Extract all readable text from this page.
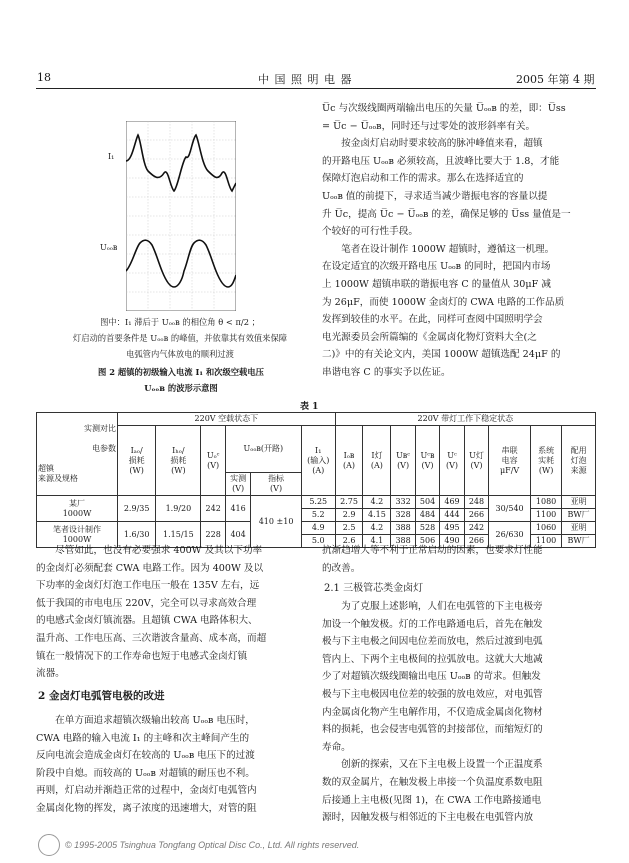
18	中 国 照 明 电 器	2005 年第 4 期
I₁
Uₒₒʙ
图中：I₁ 滞后于 Uₒₒʙ 的相位角 θ < π/2 ；
灯启动的首要条件是 Uₒₒʙ 的峰值，并依靠其有效值来保障
电弧管内气体放电的顺利过渡
图 2 超镇的初级输入电流 I₁ 和次级空载电压
Uₒₒʙ 的波形示意图
U̅c 与次级线圈两端输出电压的矢量 U̅ₒₒʙ 的差，即：U̅ss
= U̅c − U̅ₒₒʙ，同时还与过零处的波形斜率有关。
　　按金卤灯启动时要求较高的脉冲峰值来看，超镇
的开路电压 Uₒₒʙ 必须较高，且波峰比要大于 1.8，才能
保障灯泡启动和工作的需求。那么在选择适宜的
Uₒₒʙ 值的前提下，寻求适当减少谐振电容的容量以提
升 U̅c，提高 U̅c − U̅ₒₒʙ 的差，确保足够的 U̅ss 量值是一
个较好的可行性手段。
　　笔者在设计制作 1000W 超镇时，遵循这一机理。
在设定适宜的次级开路电压 Uₒₒʙ 的同时，把国内市场
上 1000W 超镇串联的谐振电容 C 的量值从 30μF 减
为 26μF，而使 1000W 金卤灯的 CWA 电路的工作品质
发挥到较佳的水平。在此，同样可查阅中国照明学会
电光源委员会所篇编的《金属卤化物灯资料大全(之
二)》中的有关论文内，美国 1000W 超镇选配 24μF 的
串谐电容 C 的事实予以佐证。
表 1

实测对比

电参数

超镇
来源及规格	220V 空载状态下						220V 带灯工作下稳定状态								
	Iₐₒ/
损耗
(W)	Iₕₒ/
损耗
(W)	Uₒᶜ
(V)	Uₒₒʙ(开路)		I₁
(输入)
(A)	Iₒʙ
(A)	I灯
(A)	Uʙᶜ
(V)	Uᶜʙ
(V)	Uᶜ
(V)	U灯
(V)	串联
电容
μF/V	系统
实耗
(W)	配用
灯泡
来源
				实测
(V)	指标
(V)										
某厂
1000W	2.9/35	1.9/20	242	416	410 ±10	5.25	2.75	4.2	332	504	469	248	30/540	1080	亚明
						5.2	2.9	4.15	328	484	444	266		1100	BW厂
笔者设计制作
1000W	1.6/30	1.15/15	228	404		4.9	2.5	4.2	388	528	495	242	26/630	1060	亚明
						5.0	2.6	4.1	388	506	490	266		1100	BW厂
　　尽管如此，也没有必要强求 400W 及其以下功率
的金卤灯必须配套 CWA 电路工作。因为 400W 及以
下功率的金卤灯灯泡工作电压一般在 135V 左右，远
低于我国的市电电压 220V，完全可以寻求高效合理
的电感式金卤灯镇流器。且超镇 CWA 电路体积大、
温升高、工作电压高、三次谐波含量高、成本高，而超
镇在一般情况下的工作寿命也短于电感式金卤灯镇
流器。
2 金卤灯电弧管电极的改进
　　在单方面追求超镇次级输出较高 Uₒₒʙ 电压时，
CWA 电路的输入电流 I₁ 的主峰和次主峰间产生的
反向电流会造成金卤灯在较高的 Uₒₒʙ 电压下的过渡
阶段中自熄。而较高的 Uₒₒʙ 对超镇的耐压也不利。
再则，灯启动并渐趋正常的过程中，金卤灯电弧管内
金属卤化物的挥发，离子浓度的迅速增大，对管的阻
抗渐趋增大等不利于正常启动的因素，也要求灯性能
的改善。
2.1 三极管芯类金卤灯
　　为了克服上述影响，人们在电弧管的下主电极旁
加设一个触发极。灯的工作电路通电后，首先在触发
极与下主电极之间因电位差而放电，然后过渡到电弧
管内上、下两个主电极间的拉弧放电。这就大大地减
少了对超镇次级线圈输出电压 Uₒₒʙ 的苛求。但触发
极与下主电极因电位差的较强的放电效应，对电弧管
内金属卤化物产生电解作用，不仅造成金属卤化物材
料的损耗，也会侵害电弧管的封接部位，而缩短灯的
寿命。
　　创新的探索，又在下主电极上设置一个正温度系
数的双金属片，在触发极上串接一个负温度系数电阻
后接通上主电极(见图 1)，在 CWA 工作电路接通电
源时，因触发极与相邻近的下主电极在电弧管内放
© 1995-2005 Tsinghua Tongfang Optical Disc Co., Ltd. All rights reserved.
